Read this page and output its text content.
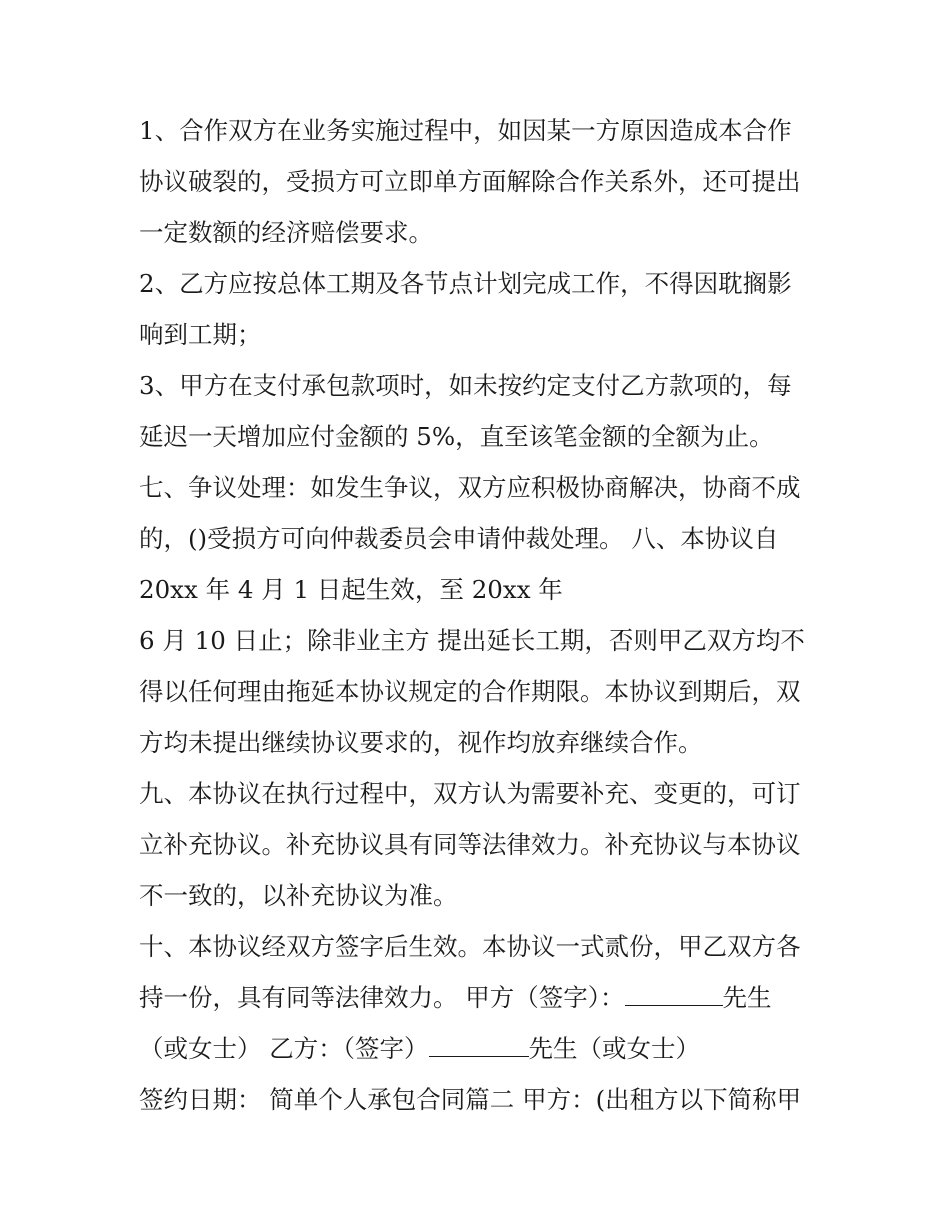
1、合作双方在业务实施过程中，如因某一方原因造成本合作
协议破裂的，受损方可立即单方面解除合作关系外，还可提出
一定数额的经济赔偿要求。
2、乙方应按总体工期及各节点计划完成工作，不得因耽搁影
响到工期；
3、甲方在支付承包款项时，如未按约定支付乙方款项的，每
延迟一天增加应付金额的 5%，直至该笔金额的全额为止。
七、争议处理：如发生争议，双方应积极协商解决，协商不成
的，()受损方可向仲裁委员会申请仲裁处理。 八、本协议自
20xx 年 4 月 1 日起生效，至 20xx 年
6 月 10 日止；除非业主方 提出延长工期，否则甲乙双方均不
得以任何理由拖延本协议规定的合作期限。本协议到期后，双
方均未提出继续协议要求的，视作均放弃继续合作。
九、本协议在执行过程中，双方认为需要补充、变更的，可订
立补充协议。补充协议具有同等法律效力。补充协议与本协议
不一致的，以补充协议为准。
十、本协议经双方签字后生效。本协议一式贰份，甲乙双方各
持一份，具有同等法律效力。 甲方（签字）：	先生
（或女士） 乙方：（签字）	先生（或女士）
签约日期： 简单个人承包合同篇二 甲方：(出租方以下简称甲
